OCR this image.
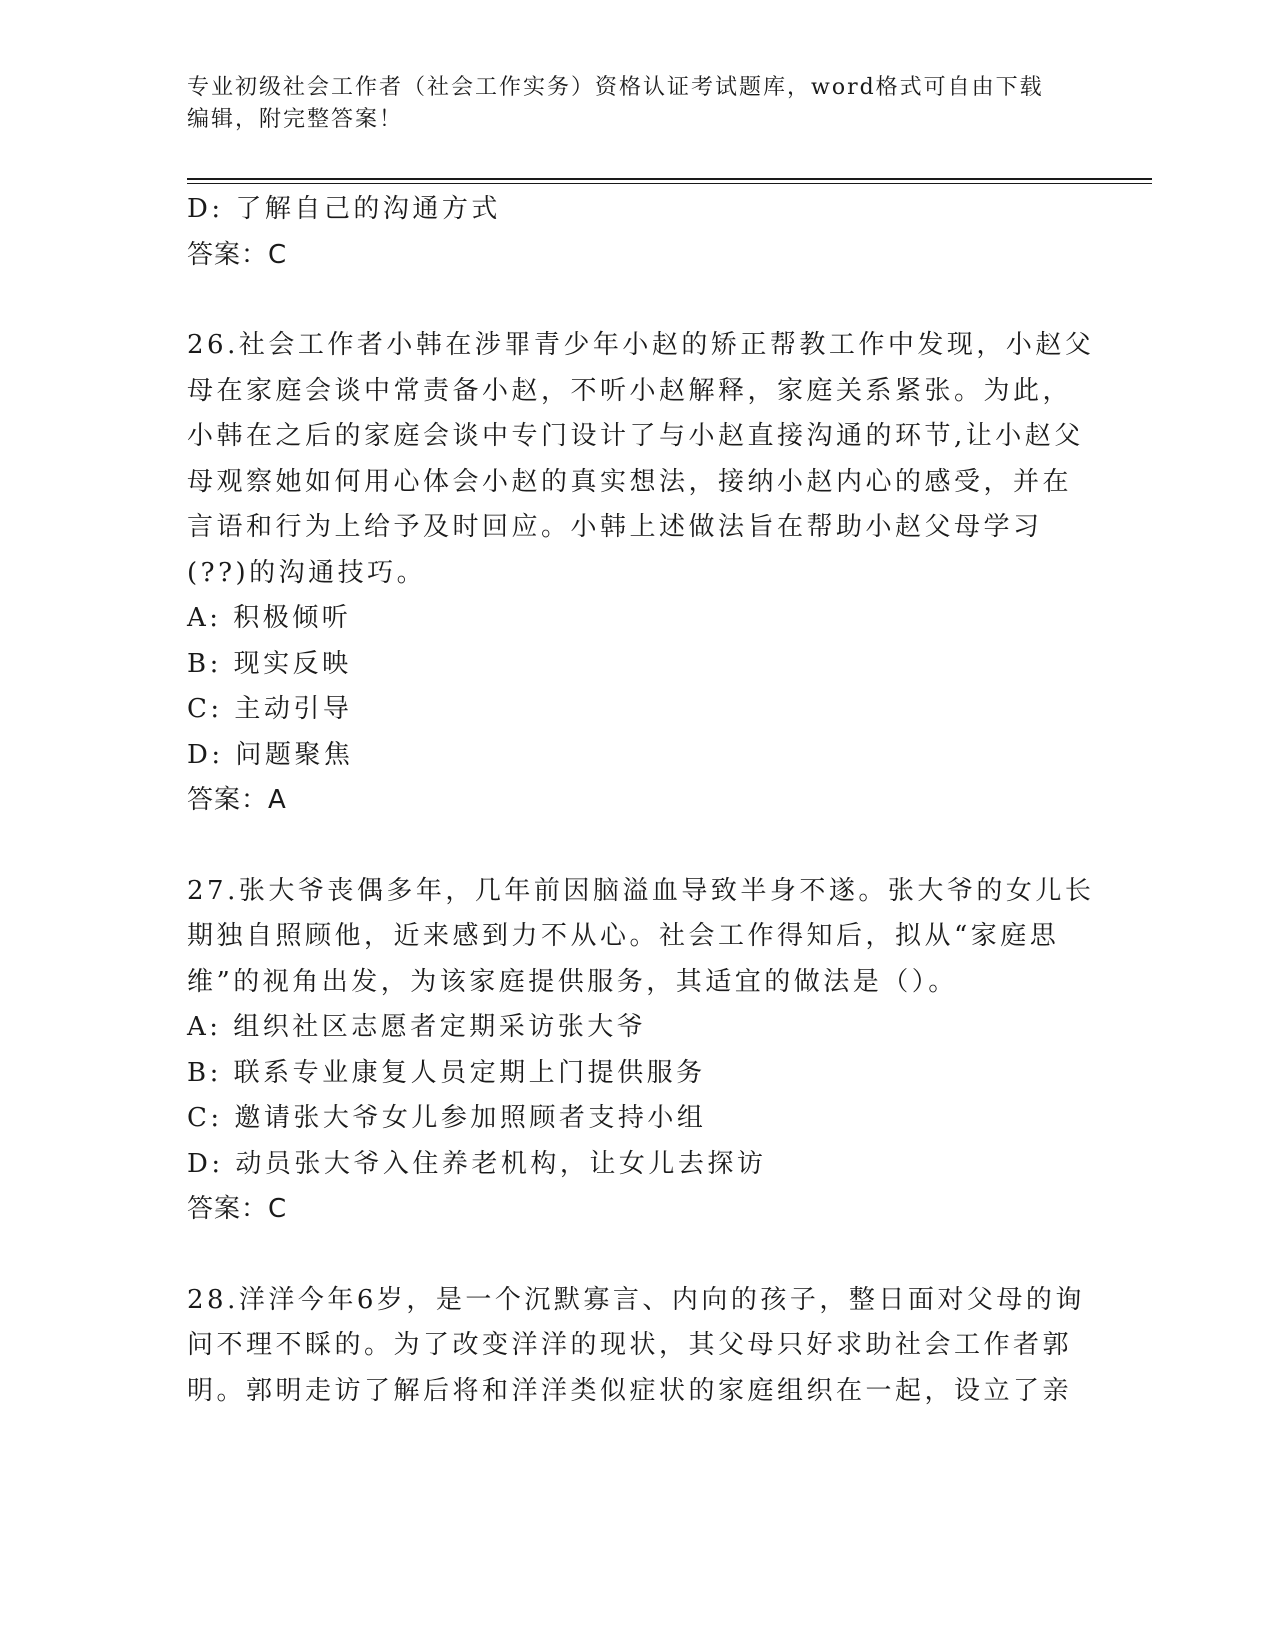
专业初级社会工作者（社会工作实务）资格认证考试题库，word格式可自由下载
编辑，附完整答案！
D: 了解自己的沟通方式
答案：C
26.社会工作者小韩在涉罪青少年小赵的矫正帮教工作中发现，小赵父
母在家庭会谈中常责备小赵，不听小赵解释，家庭关系紧张。为此，
小韩在之后的家庭会谈中专门设计了与小赵直接沟通的环节,让小赵父
母观察她如何用心体会小赵的真实想法，接纳小赵内心的感受，并在
言语和行为上给予及时回应。小韩上述做法旨在帮助小赵父母学习
(??)的沟通技巧。
A: 积极倾听
B: 现实反映
C: 主动引导
D: 问题聚焦
答案：A
27.张大爷丧偶多年，几年前因脑溢血导致半身不遂。张大爷的女儿长
期独自照顾他，近来感到力不从心。社会工作得知后，拟从“家庭思
维”的视角出发，为该家庭提供服务，其适宜的做法是（）。
A: 组织社区志愿者定期采访张大爷
B: 联系专业康复人员定期上门提供服务
C: 邀请张大爷女儿参加照顾者支持小组
D: 动员张大爷入住养老机构，让女儿去探访
答案：C
28.洋洋今年6岁，是一个沉默寡言、内向的孩子，整日面对父母的询
问不理不睬的。为了改变洋洋的现状，其父母只好求助社会工作者郭
明。郭明走访了解后将和洋洋类似症状的家庭组织在一起，设立了亲
